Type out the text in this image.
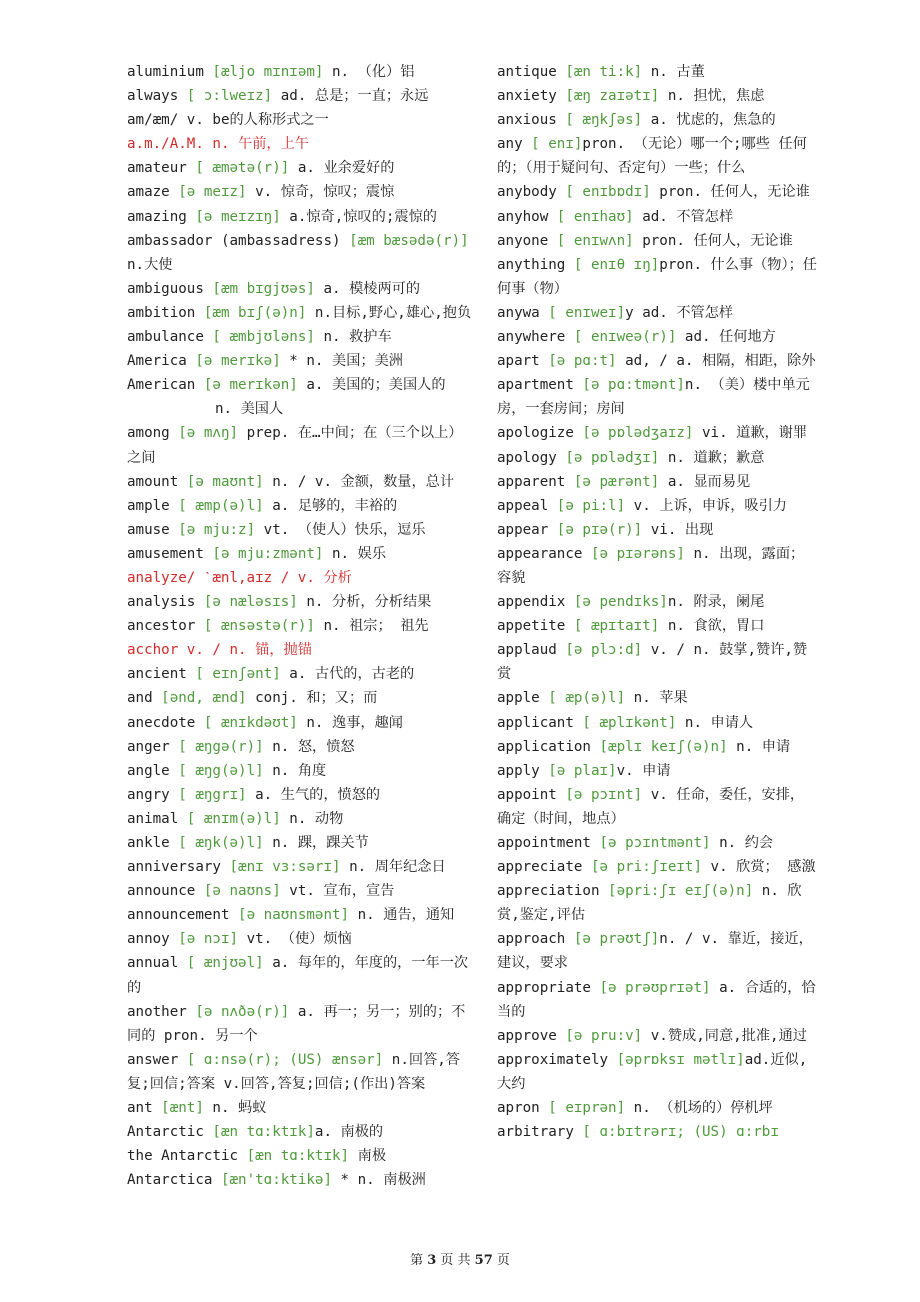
aluminium [æljo mɪnɪəm] n. （化）铝
always [ ɔ:lweɪz] ad. 总是；一直；永远
am/æm/ v. be的人称形式之一
a.m./A.M. n. 午前，上午
amateur [ æmətə(r)] a. 业余爱好的
amaze [ə meɪz] v. 惊奇，惊叹；震惊
amazing [ə meɪzɪŋ] a.惊奇,惊叹的;震惊的
ambassador (ambassadress) [æm bæsədə(r)] n.大使
ambiguous [æm bɪgjʊəs] a. 模棱两可的
ambition [æm bɪʃ(ə)n] n.目标,野心,雄心,抱负
ambulance [ æmbjʊləns] n. 救护车
America [ə merɪkə] * n. 美国；美洲
American [ə merɪkən] a. 美国的；美国人的
n. 美国人
among [ə mʌŋ] prep. 在…中间；在（三个以上）之间
amount [ə maʊnt] n. / v. 金额，数量，总计
ample [ æmp(ə)l] a. 足够的，丰裕的
amuse [ə mju:z] vt. （使人）快乐，逗乐
amusement [ə mju:zmənt] n. 娱乐
analyze/ ˋænl,aɪz / v. 分析
analysis [ə næləsɪs] n. 分析，分析结果
ancestor [ ænsəstə(r)] n. 祖宗； 祖先
acchor v. / n. 锚，抛锚
ancient [ eɪnʃənt] a. 古代的，古老的
and [ənd, ænd] conj. 和；又；而
anecdote [ ænɪkdəʊt] n. 逸事，趣闻
anger [ æŋgə(r)] n. 怒，愤怒
angle [ æŋg(ə)l] n. 角度
angry [ æŋgrɪ] a. 生气的，愤怒的
animal [ ænɪm(ə)l] n. 动物
ankle [ æŋk(ə)l] n. 踝，踝关节
anniversary [ænɪ vɜ:sərɪ] n. 周年纪念日
announce [ə naʊns] vt. 宣布，宣告
announcement [ə naʊnsmənt] n. 通告，通知
annoy [ə nɔɪ] vt. （使）烦恼
annual [ ænjʊəl] a. 每年的，年度的，一年一次的
another [ə nʌðə(r)] a. 再一；另一；别的；不同的 pron. 另一个
answer [ ɑ:nsə(r); (US) ænsər] n.回答,答复;回信;答案 v.回答,答复;回信;(作出)答案
ant [ænt] n. 蚂蚁
Antarctic [æn tɑ:ktɪk]a. 南极的
the Antarctic [æn tɑ:ktɪk] 南极
Antarctica [æn'tɑ:ktikə] * n. 南极洲
antique [æn ti:k] n. 古董
anxiety [æŋ zaɪətɪ] n. 担忧，焦虑
anxious [ æŋkʃəs] a. 忧虑的，焦急的
any [ enɪ]pron. （无论）哪一个;哪些 任何的；（用于疑问句、否定句）一些；什么
anybody [ enɪbɒdɪ] pron. 任何人，无论谁
anyhow [ enɪhaʊ] ad. 不管怎样
anyone [ enɪwʌn] pron. 任何人，无论谁
anything [ enɪθ ɪŋ]pron. 什么事（物）；任何事（物）
anywa [ enɪweɪ]y ad. 不管怎样
anywhere [ enɪweə(r)] ad. 任何地方
apart [ə pɑ:t] ad, / a. 相隔，相距，除外
apartment [ə pɑ:tmənt]n. （美）楼中单元房，一套房间；房间
apologize [ə pɒlədʒaɪz] vi. 道歉，谢罪
apology [ə pɒlədʒɪ] n. 道歉；歉意
apparent [ə pærənt] a. 显而易见
appeal [ə pi:l] v. 上诉，申诉，吸引力
appear [ə pɪə(r)] vi. 出现
appearance [ə pɪərəns] n. 出现，露面；容貌
appendix [ə pendɪks]n. 附录，阑尾
appetite [ æpɪtaɪt] n. 食欲，胃口
applaud [ə plɔ:d] v. / n. 鼓掌,赞许,赞赏
apple [ æp(ə)l] n. 苹果
applicant [ æplɪkənt] n. 申请人
application [æplɪ keɪʃ(ə)n] n. 申请
apply [ə plaɪ]v. 申请
appoint [ə pɔɪnt] v. 任命，委任，安排，确定（时间，地点）
appointment [ə pɔɪntmənt] n. 约会
appreciate [ə pri:ʃɪeɪt] v. 欣赏； 感激
appreciation [əpri:ʃɪ eɪʃ(ə)n] n. 欣赏,鉴定,评估
approach [ə prəʊtʃ]n. / v. 靠近，接近，建议，要求
appropriate [ə prəʊprɪət] a. 合适的，恰当的
approve [ə pru:v] v.赞成,同意,批准,通过
approximately [əprɒksɪ mətlɪ]ad.近似,大约
apron [ eɪprən] n. （机场的）停机坪
arbitrary [ ɑ:bɪtrərɪ; (US) ɑ:rbɪ
第 3 页 共 57 页
